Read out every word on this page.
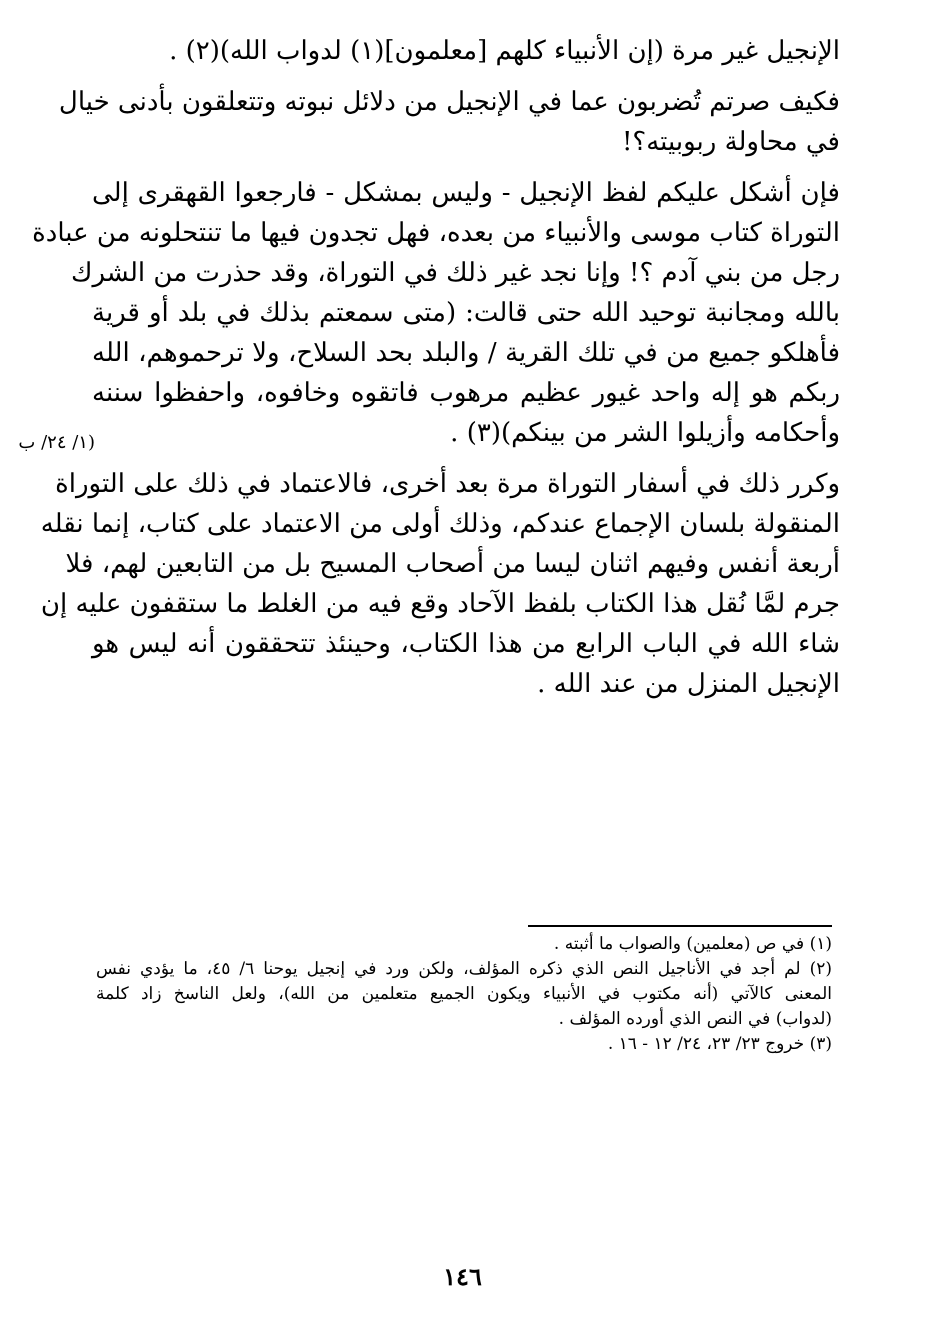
الإنجيل غير مرة (إن الأنبياء كلهم [معلمون](١) لدواب الله)(٢) .
فكيف صرتم تُضربون عما في الإنجيل من دلائل نبوته وتتعلقون بأدنى خيال
في محاولة ربوبيته؟!
فإن أشكل عليكم لفظ الإنجيل - وليس بمشكل - فارجعوا القهقرى إلى
التوراة كتاب موسى والأنبياء من بعده، فهل تجدون فيها ما تنتحلونه من عبادة
رجل من بني آدم ؟! وإنا نجد غير ذلك في التوراة، وقد حذرت من الشرك
بالله ومجانبة توحيد الله حتى قالت: (متى سمعتم بذلك في بلد أو قرية
فأهلكو جميع من في تلك القرية / والبلد بحد السلاح، ولا ترحموهم، الله
ربكم هو إله واحد غيور عظيم مرهوب فاتقوه وخافوه، واحفظوا سننه
وأحكامه وأزيلوا الشر من بينكم)(٣) .
وكرر ذلك في أسفار التوراة مرة بعد أخرى، فالاعتماد في ذلك على التوراة
المنقولة بلسان الإجماع عندكم، وذلك أولى من الاعتماد على كتاب، إنما نقله
أربعة أنفس وفيهم اثنان ليسا من أصحاب المسيح بل من التابعين لهم، فلا
جرم لمَّا نُقل هذا الكتاب بلفظ الآحاد وقع فيه من الغلط ما ستقفون عليه إن
شاء الله في الباب الرابع من هذا الكتاب، وحينئذ تتحققون أنه ليس هو
الإنجيل المنزل من عند الله .
(١/ ٢٤/ ب
(١) في ص (معلمين) والصواب ما أثبته .
(٢) لم أجد في الأناجيل النص الذي ذكره المؤلف، ولكن ورد في إنجيل يوحنا ٦/ ٤٥، ما يؤدي نفس
المعنى كالآتي (أنه مكتوب في الأنبياء ويكون الجميع متعلمين من الله)، ولعل الناسخ زاد كلمة
(لدواب) في النص الذي أورده المؤلف .
(٣) خروج ٢٣/ ٢٣، ٢٤/ ١٢ - ١٦ .
١٤٦
